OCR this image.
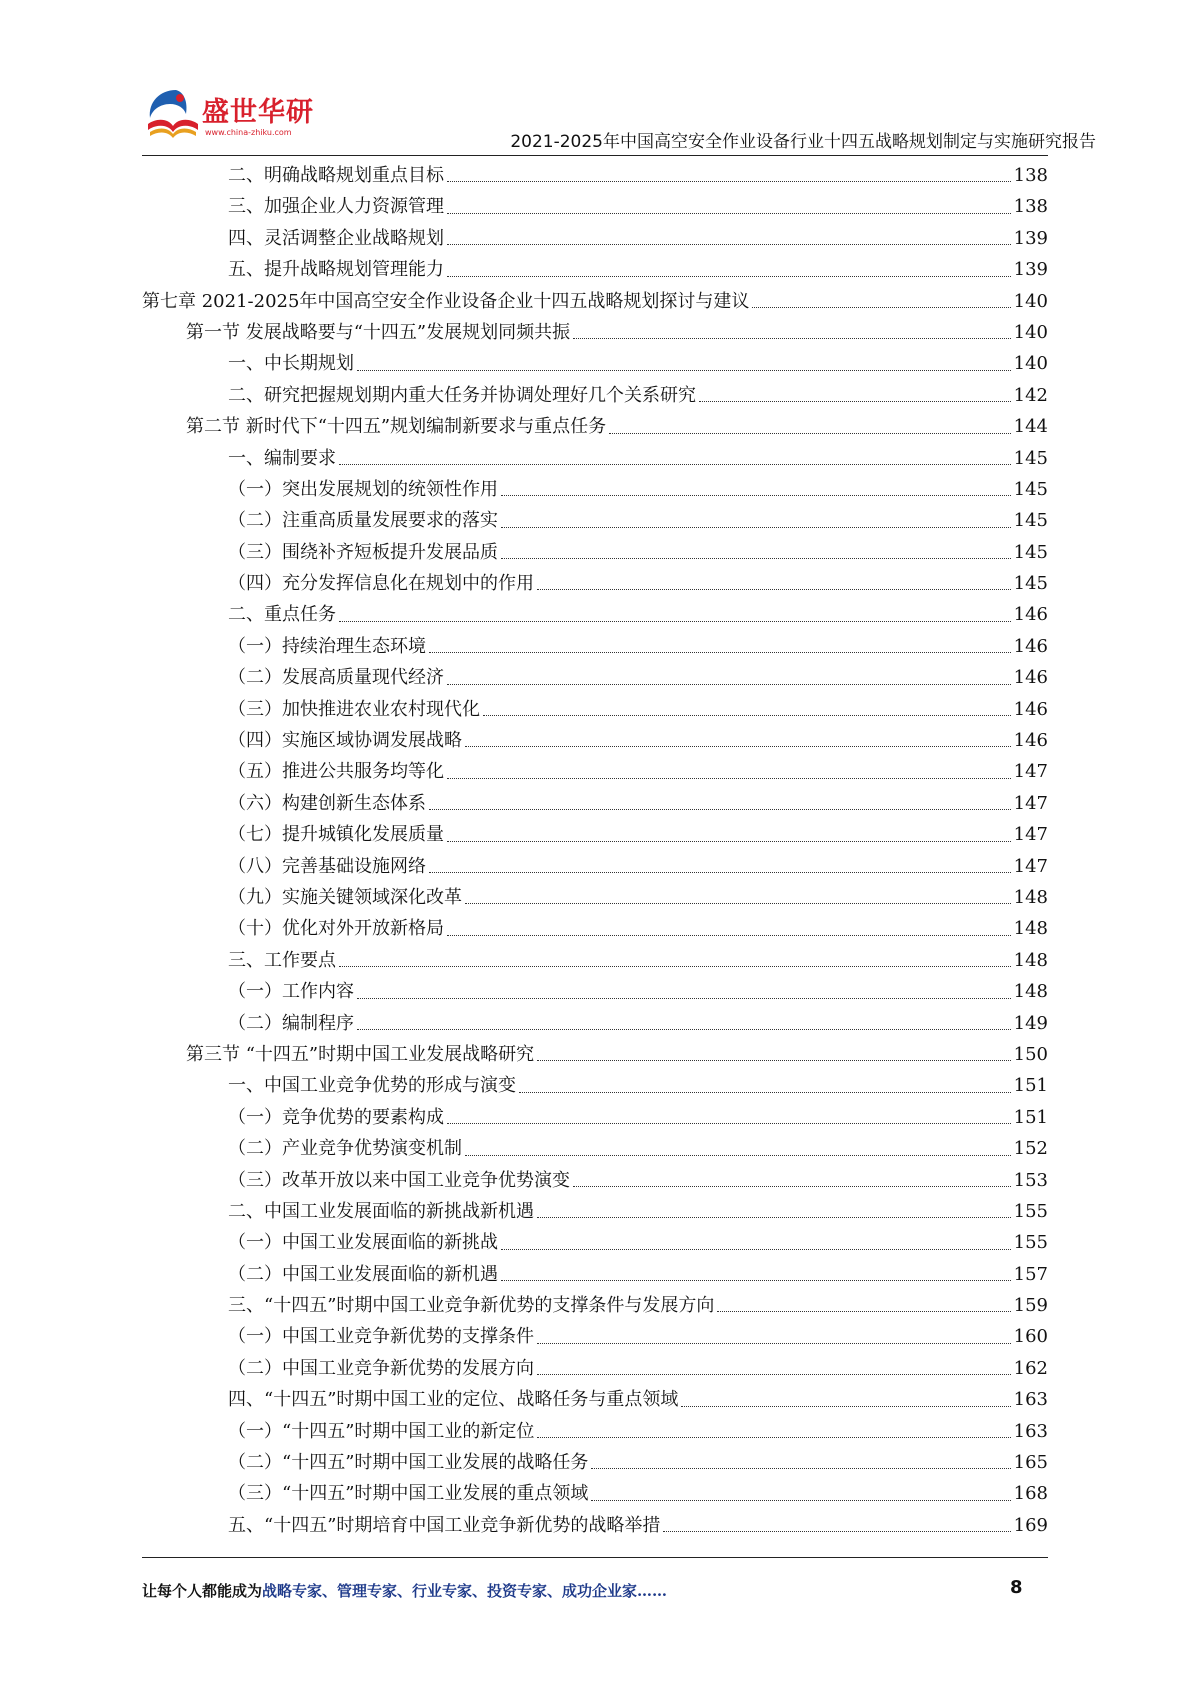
盛世华研
www.china-zhiku.com	2021-2025年中国高空安全作业设备行业十四五战略规划制定与实施研究报告
二、明确战略规划重点目标	138
三、加强企业人力资源管理	138
四、灵活调整企业战略规划	139
五、提升战略规划管理能力	139
第七章 2021-2025年中国高空安全作业设备企业十四五战略规划探讨与建议	140
第一节 发展战略要与“十四五”发展规划同频共振	140
一、中长期规划	140
二、研究把握规划期内重大任务并协调处理好几个关系研究	142
第二节 新时代下“十四五”规划编制新要求与重点任务	144
一、编制要求	145
（一）突出发展规划的统领性作用	145
（二）注重高质量发展要求的落实	145
（三）围绕补齐短板提升发展品质	145
（四）充分发挥信息化在规划中的作用	145
二、重点任务	146
（一）持续治理生态环境	146
（二）发展高质量现代经济	146
（三）加快推进农业农村现代化	146
（四）实施区域协调发展战略	146
（五）推进公共服务均等化	147
（六）构建创新生态体系	147
（七）提升城镇化发展质量	147
（八）完善基础设施网络	147
（九）实施关键领域深化改革	148
（十）优化对外开放新格局	148
三、工作要点	148
（一）工作内容	148
（二）编制程序	149
第三节 “十四五”时期中国工业发展战略研究	150
一、中国工业竞争优势的形成与演变	151
（一）竞争优势的要素构成	151
（二）产业竞争优势演变机制	152
（三）改革开放以来中国工业竞争优势演变	153
二、中国工业发展面临的新挑战新机遇	155
（一）中国工业发展面临的新挑战	155
（二）中国工业发展面临的新机遇	157
三、“十四五”时期中国工业竞争新优势的支撑条件与发展方向	159
（一）中国工业竞争新优势的支撑条件	160
（二）中国工业竞争新优势的发展方向	162
四、“十四五”时期中国工业的定位、战略任务与重点领域	163
（一）“十四五”时期中国工业的新定位	163
（二）“十四五”时期中国工业发展的战略任务	165
（三）“十四五”时期中国工业发展的重点领域	168
五、“十四五”时期培育中国工业竞争新优势的战略举措	169
让每个人都能成为战略专家、管理专家、行业专家、投资专家、成功企业家……	8
